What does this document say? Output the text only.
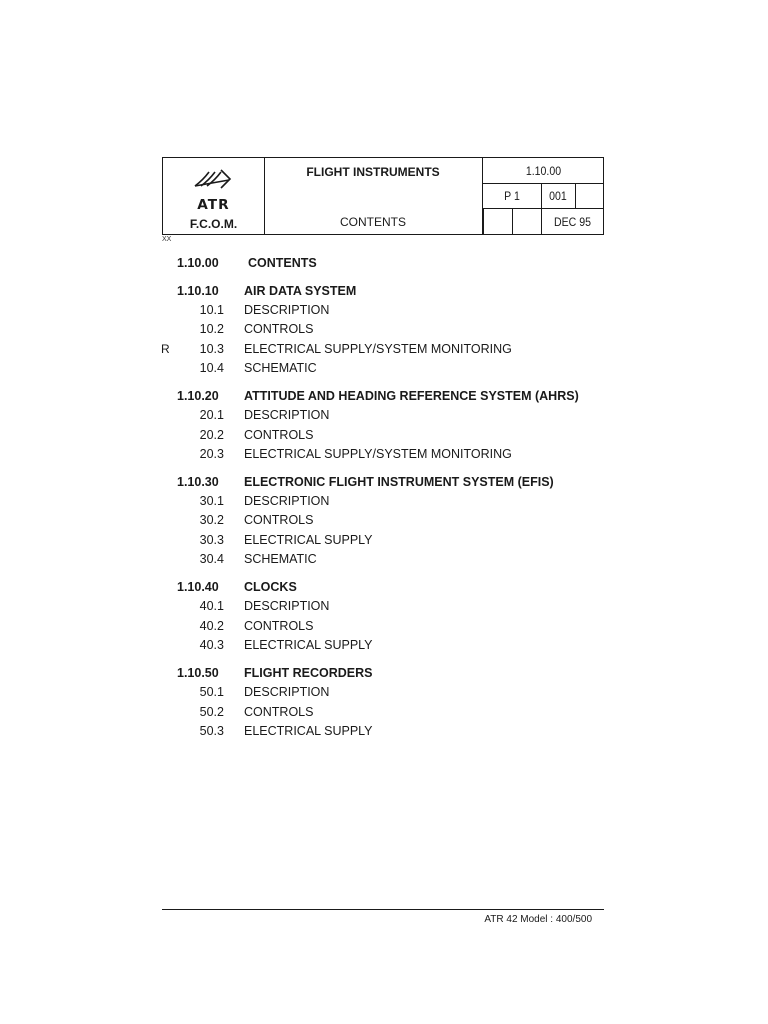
ATR
F.C.O.M.
FLIGHT INSTRUMENTS
CONTENTS
1.10.00
P 1	001
DEC 95
XX
1.10.00 CONTENTS
1.10.10 AIR DATA SYSTEM
10.1 DESCRIPTION
10.2 CONTROLS
R 10.3 ELECTRICAL SUPPLY/SYSTEM MONITORING
10.4 SCHEMATIC
1.10.20 ATTITUDE AND HEADING REFERENCE SYSTEM (AHRS)
20.1 DESCRIPTION
20.2 CONTROLS
20.3 ELECTRICAL SUPPLY/SYSTEM MONITORING
1.10.30 ELECTRONIC FLIGHT INSTRUMENT SYSTEM (EFIS)
30.1 DESCRIPTION
30.2 CONTROLS
30.3 ELECTRICAL SUPPLY
30.4 SCHEMATIC
1.10.40 CLOCKS
40.1 DESCRIPTION
40.2 CONTROLS
40.3 ELECTRICAL SUPPLY
1.10.50 FLIGHT RECORDERS
50.1 DESCRIPTION
50.2 CONTROLS
50.3 ELECTRICAL SUPPLY
ATR 42 Model : 400/500
